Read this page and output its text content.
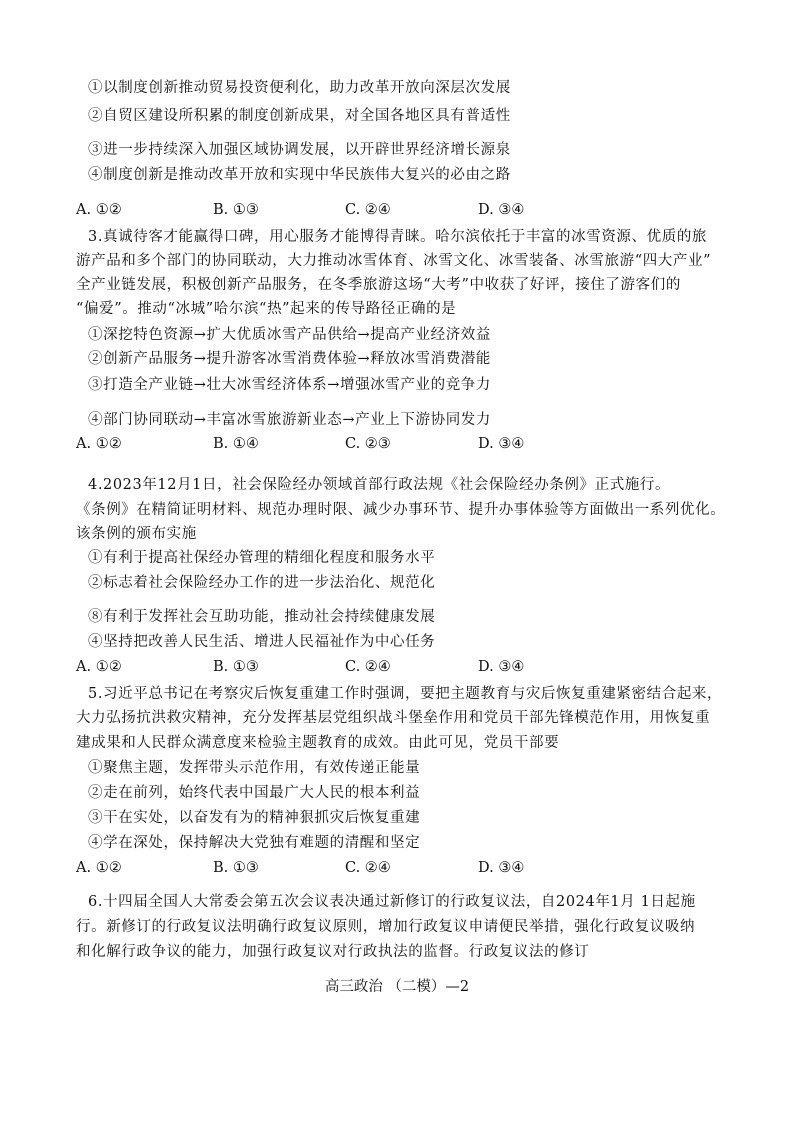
①以制度创新推动贸易投资便利化，助力改革开放向深层次发展
②自贸区建设所积累的制度创新成果，对全国各地区具有普适性
③进一步持续深入加强区域协调发展，以开辟世界经济增长源泉
④制度创新是推动改革开放和实现中华民族伟大复兴的必由之路
A. ①②	B. ①③	C. ②④	D. ③④
3.真诚待客才能赢得口碑，用心服务才能博得青睐。哈尔滨依托于丰富的冰雪资源、优质的旅
游产品和多个部门的协同联动，大力推动冰雪体育、冰雪文化、冰雪装备、冰雪旅游“四大产业”
全产业链发展，积极创新产品服务，在冬季旅游这场“大考”中收获了好评，接住了游客们的
“偏爱”。推动“冰城”哈尔滨“热”起来的传导路径正确的是
①深挖特色资源→扩大优质冰雪产品供给→提高产业经济效益
②创新产品服务→提升游客冰雪消费体验→释放冰雪消费潜能
③打造全产业链→壮大冰雪经济体系→增强冰雪产业的竞争力
④部门协同联动→丰富冰雪旅游新业态→产业上下游协同发力
A. ①②	B. ①④	C. ②③	D. ③④
4.2023年12月1日，社会保险经办领域首部行政法规《社会保险经办条例》正式施行。
《条例》在精简证明材料、规范办理时限、减少办事环节、提升办事体验等方面做出一系列优化。
该条例的颁布实施
①有利于提高社保经办管理的精细化程度和服务水平
②标志着社会保险经办工作的进一步法治化、规范化
⑧有利于发挥社会互助功能，推动社会持续健康发展
④坚持把改善人民生活、增进人民福祉作为中心任务
A. ①②	B. ①③	C. ②④	D. ③④
5.习近平总书记在考察灾后恢复重建工作时强调，要把主题教育与灾后恢复重建紧密结合起来，
大力弘扬抗洪救灾精神，充分发挥基层党组织战斗堡垒作用和党员干部先锋模范作用，用恢复重
建成果和人民群众满意度来检验主题教育的成效。由此可见，党员干部要
①聚焦主题，发挥带头示范作用，有效传递正能量
②走在前列，始终代表中国最广大人民的根本利益
③干在实处，以奋发有为的精神狠抓灾后恢复重建
④学在深处，保持解决大党独有难题的清醒和坚定
A. ①②	B. ①③	C. ②④	D. ③④
6.十四届全国人大常委会第五次会议表决通过新修订的行政复议法，自2024年1月 1日起施
行。新修订的行政复议法明确行政复议原则，增加行政复议申请便民举措，强化行政复议吸纳
和化解行政争议的能力，加强行政复议对行政执法的监督。行政复议法的修订
高三政治 （二模）—2
